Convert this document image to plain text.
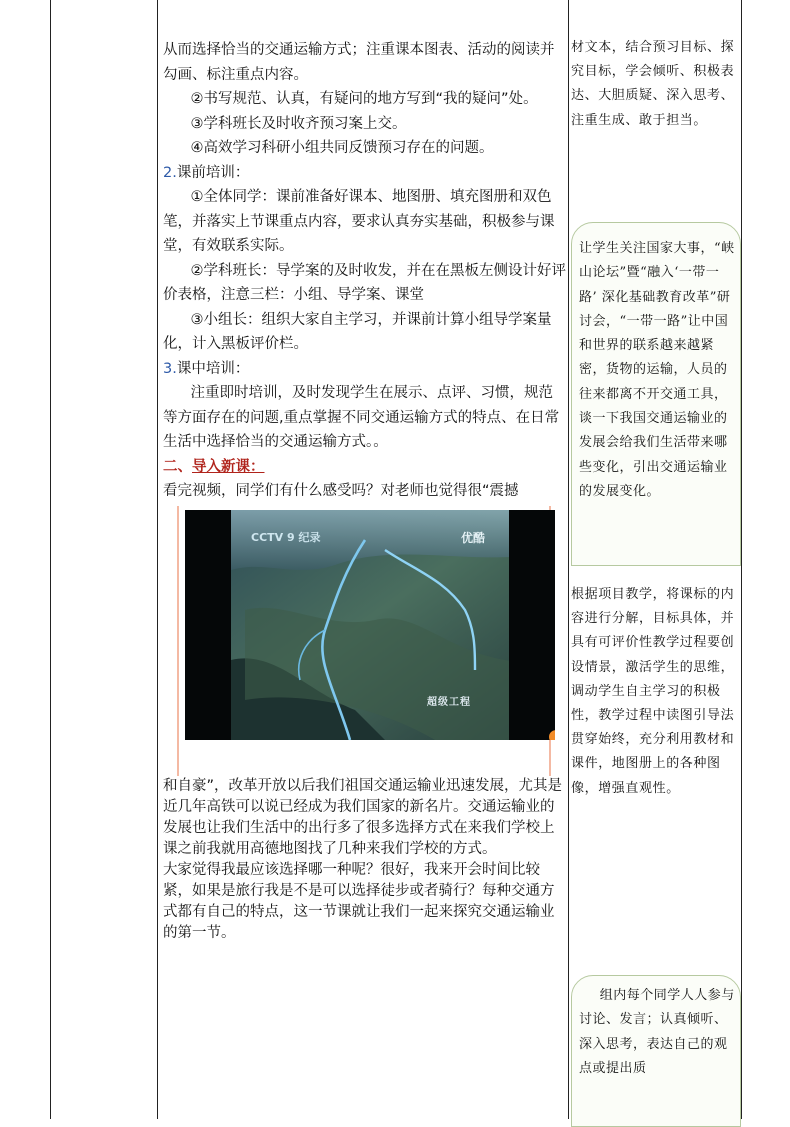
从而选择恰当的交通运输方式；注重课本图表、活动的阅读并勾画、标注重点内容。

②书写规范、认真，有疑问的地方写到“我的疑问”处。

③学科班长及时收齐预习案上交。

④高效学习科研小组共同反馈预习存在的问题。

2.课前培训：

①全体同学：课前准备好课本、地图册、填充图册和双色笔，并落实上节课重点内容，要求认真夯实基础，积极参与课堂，有效联系实际。

②学科班长：导学案的及时收发，并在在黑板左侧设计好评价表格，注意三栏：小组、导学案、课堂

③小组长：组织大家自主学习，并课前计算小组导学案量化，计入黑板评价栏。

3.课中培训：

注重即时培训，及时发现学生在展示、点评、习惯，规范等方面存在的问题,重点掌握不同交通运输方式的特点、在日常生活中选择恰当的交通运输方式。。

二、导入新课：

看完视频，同学们有什么感受吗？对老师也觉得很“震撼

CCTV 9 纪录	优酷
超级工程

和自豪”，改革开放以后我们祖国交通运输业迅速发展，尤其是近几年高铁可以说已经成为我们国家的新名片。交通运输业的发展也让我们生活中的出行多了很多选择方式在来我们学校上课之前我就用高德地图找了几种来我们学校的方式。

大家觉得我最应该选择哪一种呢？很好，我来开会时间比较紧，如果是旅行我是不是可以选择徒步或者骑行？每种交通方式都有自己的特点，这一节课就让我们一起来探究交通运输业的第一节。

材文本，结合预习目标、探究目标，学会倾听、积极表达、大胆质疑、深入思考、注重生成、敢于担当。

让学生关注国家大事，“峡山论坛”暨“融入‘一带一路’ 深化基础教育改革”研讨会，“一带一路”让中国和世界的联系越来越紧密，货物的运输，人员的往来都离不开交通工具，谈一下我国交通运输业的发展会给我们生活带来哪些变化，引出交通运输业的发展变化。

根据项目教学，将课标的内容进行分解，目标具体，并具有可评价性教学过程要创设情景，激活学生的思维，调动学生自主学习的积极性，教学过程中读图引导法贯穿始终，充分利用教材和课件，地图册上的各种图像，增强直观性。

组内每个同学人人参与讨论、发言；认真倾听、深入思考，表达自己的观点或提出质
